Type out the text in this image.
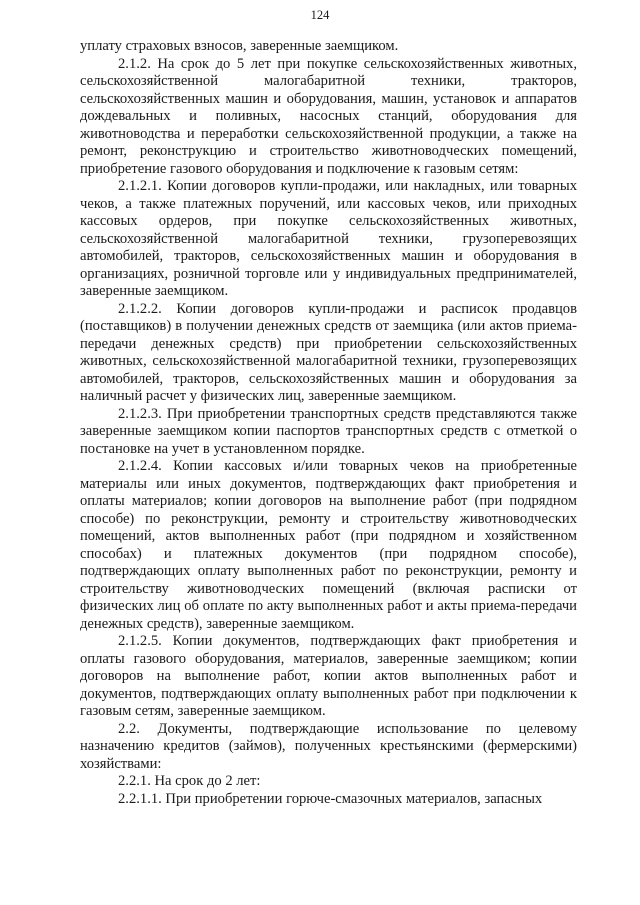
124

уплату страховых взносов, заверенные заемщиком.

2.1.2. На срок до 5 лет при покупке сельскохозяйственных животных, сельскохозяйственной малогабаритной техники, тракторов, сельскохозяйственных машин и оборудования, машин, установок и аппаратов дождевальных и поливных, насосных станций, оборудования для животноводства и переработки сельскохозяйственной продукции, а также на ремонт, реконструкцию и строительство животноводческих помещений, приобретение газового оборудования и подключение к газовым сетям:

2.1.2.1. Копии договоров купли-продажи, или накладных, или товарных чеков, а также платежных поручений, или кассовых чеков, или приходных кассовых ордеров, при покупке сельскохозяйственных животных, сельскохозяйственной малогабаритной техники, грузоперевозящих автомобилей, тракторов, сельскохозяйственных машин и оборудования в организациях, розничной торговле или у индивидуальных предпринимателей, заверенные заемщиком.

2.1.2.2. Копии договоров купли-продажи и расписок продавцов (поставщиков) в получении денежных средств от заемщика (или актов приема-передачи денежных средств) при приобретении сельскохозяйственных животных, сельскохозяйственной малогабаритной техники, грузоперевозящих автомобилей, тракторов, сельскохозяйственных машин и оборудования за наличный расчет у физических лиц, заверенные заемщиком.

2.1.2.3. При приобретении транспортных средств представляются также заверенные заемщиком копии паспортов транспортных средств с отметкой о постановке на учет в установленном порядке.

2.1.2.4. Копии кассовых и/или товарных чеков на приобретенные материалы или иных документов, подтверждающих факт приобретения и оплаты материалов; копии договоров на выполнение работ (при подрядном способе) по реконструкции, ремонту и строительству животноводческих помещений, актов выполненных работ (при подрядном и хозяйственном способах) и платежных документов (при подрядном способе), подтверждающих оплату выполненных работ по реконструкции, ремонту и строительству животноводческих помещений (включая расписки от физических лиц об оплате по акту выполненных работ и акты приема-передачи денежных средств), заверенные заемщиком.

2.1.2.5. Копии документов, подтверждающих факт приобретения и оплаты газового оборудования, материалов, заверенные заемщиком; копии договоров на выполнение работ, копии актов выполненных работ и документов, подтверждающих оплату выполненных работ при подключении к газовым сетям, заверенные заемщиком.

2.2. Документы, подтверждающие использование по целевому назначению кредитов (займов), полученных крестьянскими (фермерскими) хозяйствами:

2.2.1. На срок до 2 лет:

2.2.1.1. При приобретении горюче-смазочных материалов, запасных
